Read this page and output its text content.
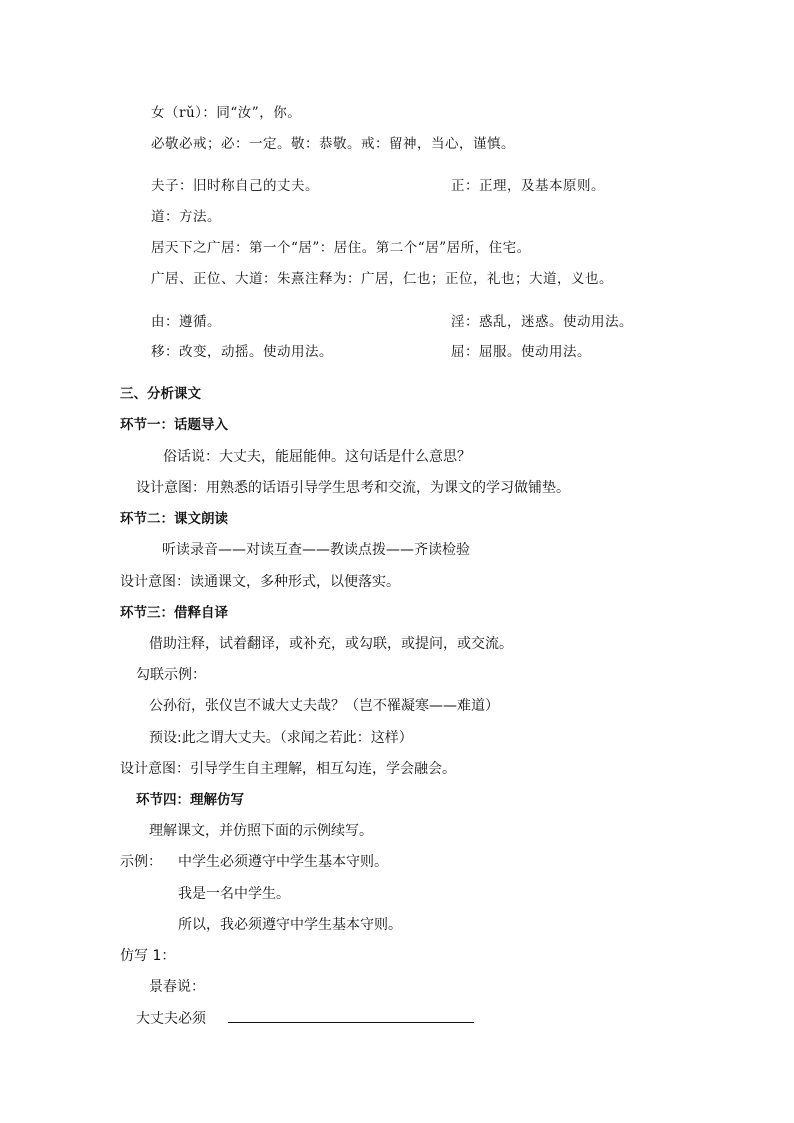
女（rǔ）：同“汝”，你。
必敬必戒；必：一定。敬：恭敬。戒：留神，当心，谨慎。
夫子：旧时称自己的丈夫。	正：正理，及基本原则。
道：方法。
居天下之广居：第一个“居”：居住。第二个“居”居所，住宅。
广居、正位、大道：朱熹注释为：广居，仁也；正位，礼也；大道，义也。
由：遵循。	淫：惑乱，迷惑。使动用法。
移：改变，动摇。使动用法。	屈：屈服。使动用法。
三、分析课文
环节一：话题导入
俗话说：大丈夫，能屈能伸。这句话是什么意思？
设计意图：用熟悉的话语引导学生思考和交流，为课文的学习做铺垫。
环节二：课文朗读
听读录音——对读互查——教读点拨——齐读检验
设计意图：读通课文，多种形式，以便落实。
环节三：借释自译
借助注释，试着翻译，或补充，或勾联，或提问，或交流。
勾联示例：
公孙衍，张仪岂不诚大丈夫哉？（岂不罹凝寒——难道）
预设:此之谓大丈夫。（求闻之若此：这样）
设计意图：引导学生自主理解，相互勾连，学会融会。
环节四：理解仿写
理解课文，并仿照下面的示例续写。
示例： 中学生必须遵守中学生基本守则。
我是一名中学生。
所以，我必须遵守中学生基本守则。
仿写 1：
景春说：
大丈夫必须
